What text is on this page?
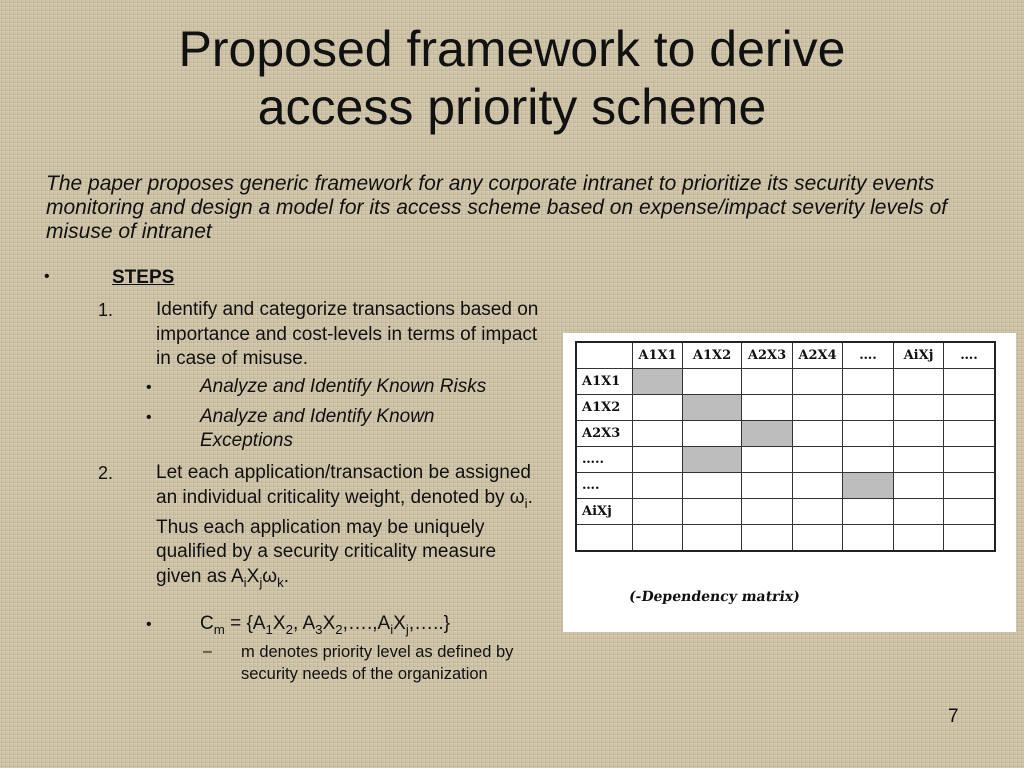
Proposed framework to derive
access priority scheme
The paper proposes generic framework for any corporate intranet to prioritize its security events monitoring and design a model for its access scheme based on expense/impact severity levels of misuse of intranet
•	STEPS
1. Identify and categorize transactions based on importance and cost-levels in terms of impact in case of misuse.
•	Analyze and Identify Known Risks
•	Analyze and Identify Known Exceptions
2. Let each application/transaction be assigned an individual criticality weight, denoted by $\omega_i$. Thus each application may be uniquely qualified by a security criticality measure given as $A_iX_j\omega_k$.
•	$C_m = \{A_1X_2$, $A_3X_2,\dots.,A_iX_j,\dots$..}
– m denotes priority level as defined by security needs of the organization
	A1X1	A1X2	A2X3	A2X4	….	AiXj	….
A1X1							
A1X2							
A2X3							
…..							
….							
AiXj							

(-Dependency matrix)
7
